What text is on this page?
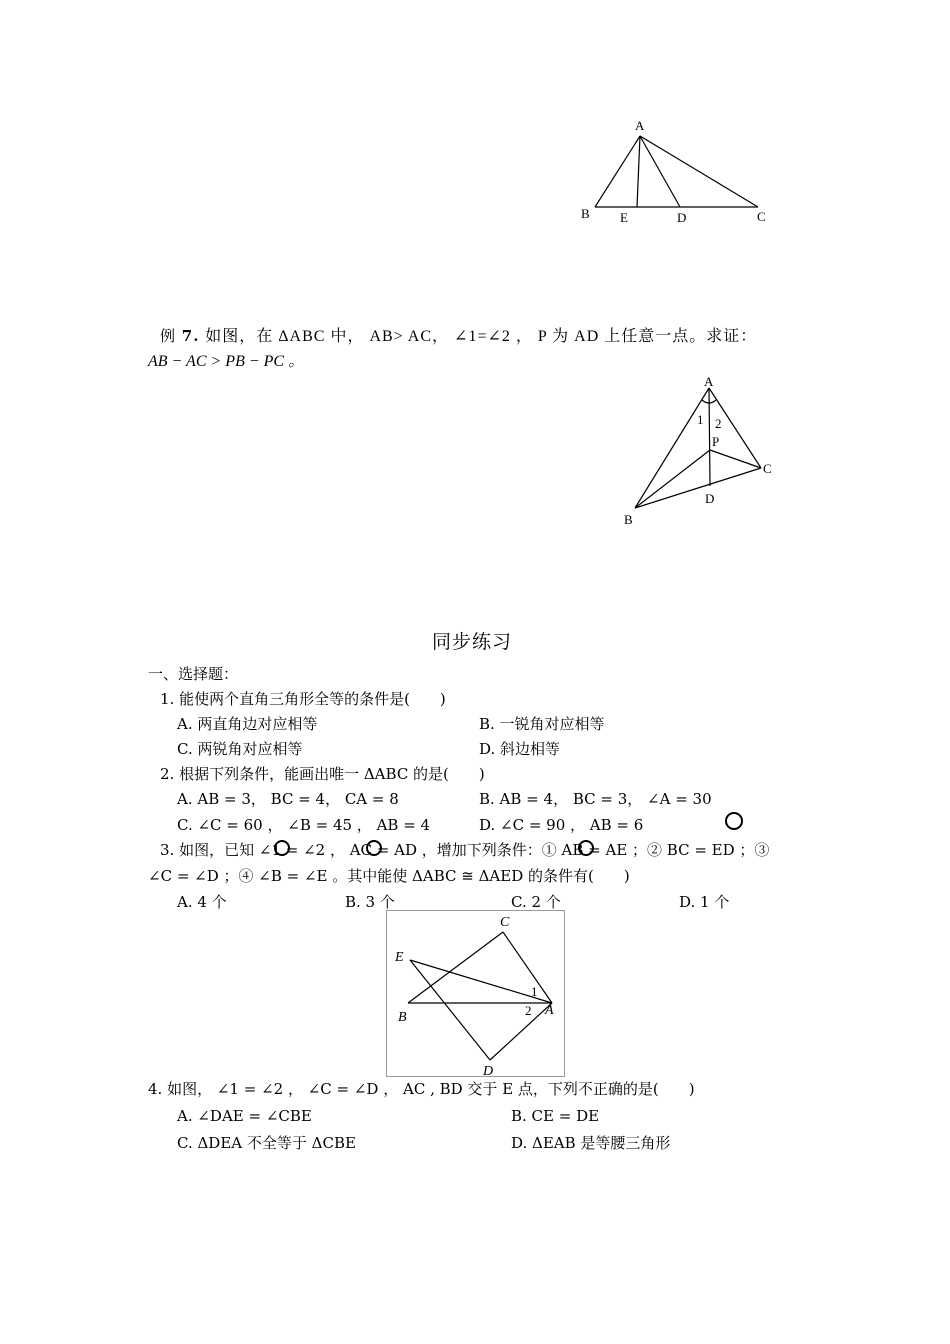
A
B E	D	C
例 7. 如图，在 ΔABC 中， AB> AC， ∠1=∠2 ， P 为 AD 上任意一点。求证：
AB − AC > PB − PC 。
A
1 2
P
C
D
B
同步练习
一、选择题：
1. 能使两个直角三角形全等的条件是(　　)
A. 两直角边对应相等	B. 一锐角对应相等
C. 两锐角对应相等	D. 斜边相等
2. 根据下列条件，能画出唯一 ΔABC 的是(　　)
A. AB = 3， BC = 4， CA = 8	B. AB = 4， BC = 3， ∠A = 30
C. ∠C = 60 ， ∠B = 45 ， AB = 4	D. ∠C = 90 ， AB = 6
3. 如图，已知 ∠1 = ∠2 ， AC = AD ，增加下列条件：① AB = AE ；② BC = ED ；③
∠C = ∠D ；④ ∠B = ∠E 。其中能使 ΔABC ≅ ΔAED 的条件有(　　)
A. 4 个	B. 3 个	C. 2 个	D. 1 个
C
E
1
B	2 A
D
4. 如图， ∠1 = ∠2 ， ∠C = ∠D ， AC , BD 交于 E 点，下列不正确的是(　　)
A. ∠DAE = ∠CBE	B. CE = DE
C. ΔDEA 不全等于 ΔCBE	D. ΔEAB 是等腰三角形
